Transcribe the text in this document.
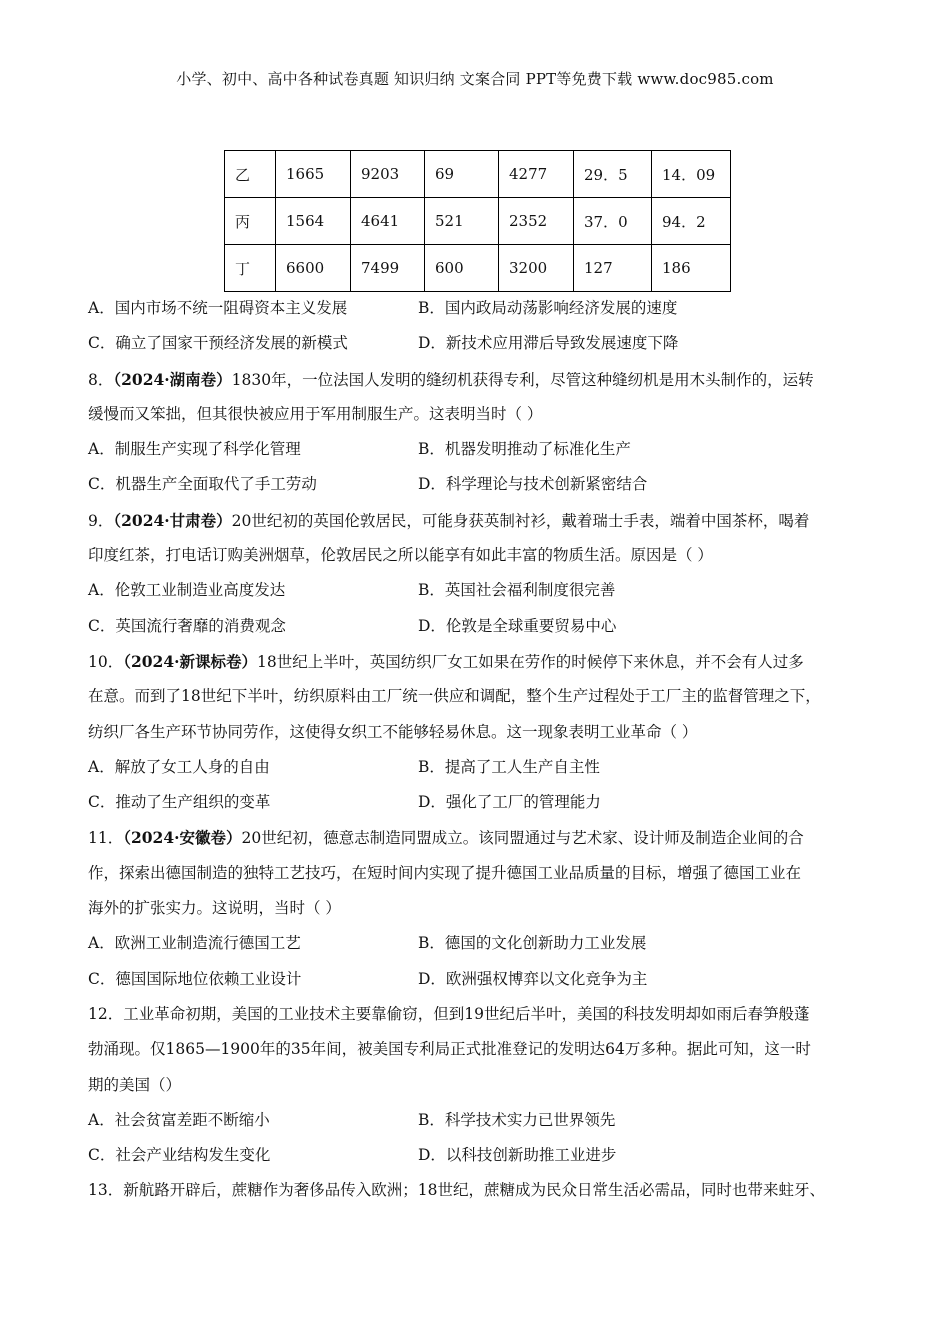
小学、初中、高中各种试卷真题 知识归纳 文案合同 PPT等免费下载 www.doc985.com
乙	1665	9203	69	4277	29．5	14．09
丙	1564	4641	521	2352	37．0	94．2
丁	6600	7499	600	3200	127	186
A．国内市场不统一阻碍资本主义发展	B．国内政局动荡影响经济发展的速度
C．确立了国家干预经济发展的新模式	D．新技术应用滞后导致发展速度下降
8．（2024·湖南卷）1830年，一位法国人发明的缝纫机获得专利，尽管这种缝纫机是用木头制作的，运转
缓慢而又笨拙，但其很快被应用于军用制服生产。这表明当时（ ）
A．制服生产实现了科学化管理	B．机器发明推动了标准化生产
C．机器生产全面取代了手工劳动	D．科学理论与技术创新紧密结合
9．（2024·甘肃卷）20世纪初的英国伦敦居民，可能身获英制衬衫，戴着瑞士手表，端着中国茶杯，喝着
印度红茶，打电话订购美洲烟草，伦敦居民之所以能享有如此丰富的物质生活。原因是（ ）
A．伦敦工业制造业高度发达	B．英国社会福利制度很完善
C．英国流行奢靡的消费观念	D．伦敦是全球重要贸易中心
10．（2024·新课标卷）18世纪上半叶，英国纺织厂女工如果在劳作的时候停下来休息，并不会有人过多
在意。而到了18世纪下半叶，纺织原料由工厂统一供应和调配，整个生产过程处于工厂主的监督管理之下，
纺织厂各生产环节协同劳作，这使得女织工不能够轻易休息。这一现象表明工业革命（ ）
A．解放了女工人身的自由	B．提高了工人生产自主性
C．推动了生产组织的变革	D．强化了工厂的管理能力
11．（2024·安徽卷）20世纪初，德意志制造同盟成立。该同盟通过与艺术家、设计师及制造企业间的合
作，探索出德国制造的独特工艺技巧，在短时间内实现了提升德国工业品质量的目标，增强了德国工业在
海外的扩张实力。这说明，当时（ ）
A．欧洲工业制造流行德国工艺	B．德国的文化创新助力工业发展
C．德国国际地位依赖工业设计	D．欧洲强权博弈以文化竞争为主
12．工业革命初期，美国的工业技术主要靠偷窃，但到19世纪后半叶，美国的科技发明却如雨后春笋般蓬
勃涌现。仅1865—1900年的35年间，被美国专利局正式批准登记的发明达64万多种。据此可知，这一时
期的美国（）
A．社会贫富差距不断缩小	B．科学技术实力已世界领先
C．社会产业结构发生变化	D．以科技创新助推工业进步
13．新航路开辟后，蔗糖作为奢侈品传入欧洲；18世纪，蔗糖成为民众日常生活必需品，同时也带来蛀牙、
